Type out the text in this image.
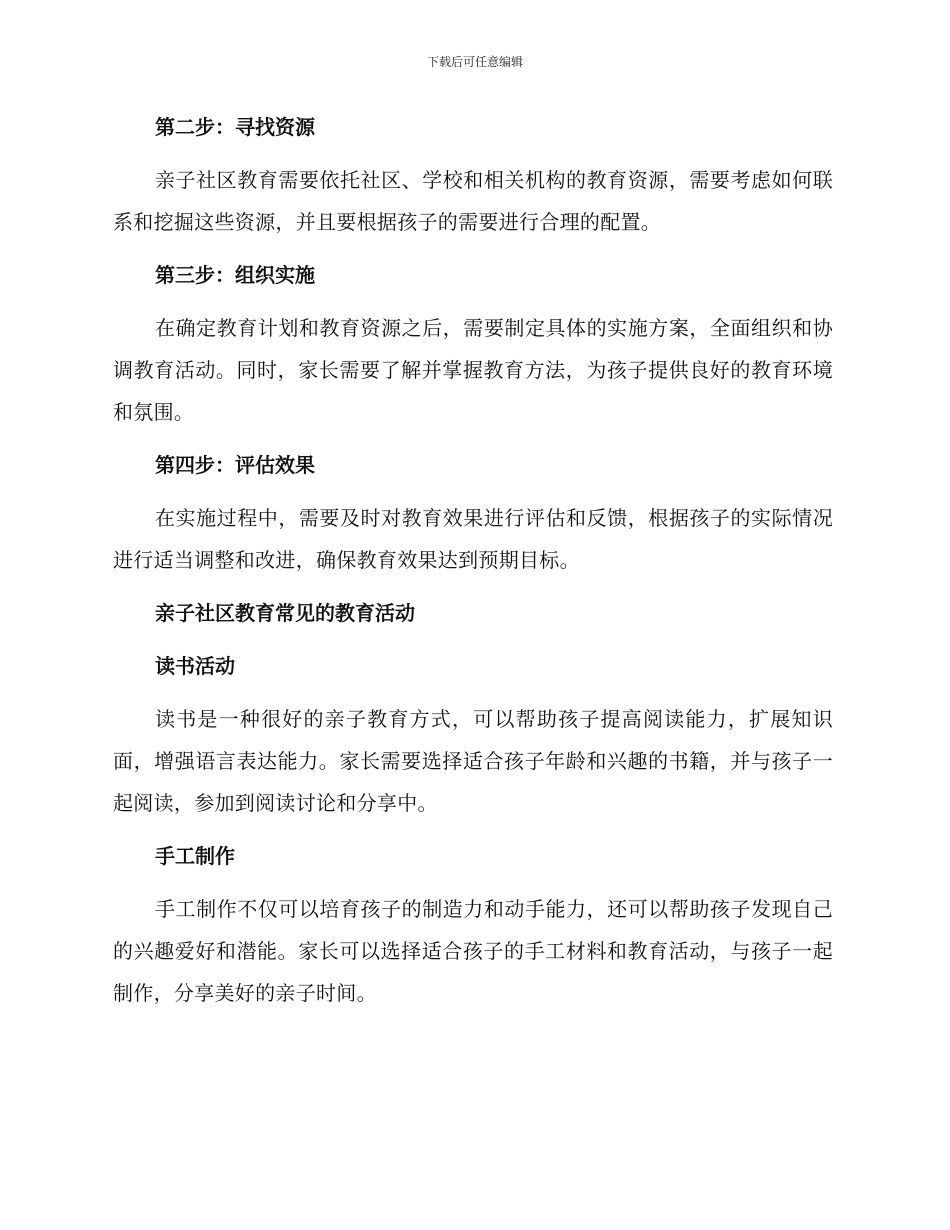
下载后可任意编辑
第二步：寻找资源

亲子社区教育需要依托社区、学校和相关机构的教育资源，需要考虑如何联系和挖掘这些资源，并且要根据孩子的需要进行合理的配置。

第三步：组织实施

在确定教育计划和教育资源之后，需要制定具体的实施方案，全面组织和协调教育活动。同时，家长需要了解并掌握教育方法，为孩子提供良好的教育环境和氛围。

第四步：评估效果

在实施过程中，需要及时对教育效果进行评估和反馈，根据孩子的实际情况进行适当调整和改进，确保教育效果达到预期目标。

亲子社区教育常见的教育活动
读书活动

读书是一种很好的亲子教育方式，可以帮助孩子提高阅读能力，扩展知识面，增强语言表达能力。家长需要选择适合孩子年龄和兴趣的书籍，并与孩子一起阅读，参加到阅读讨论和分享中。

手工制作

手工制作不仅可以培育孩子的制造力和动手能力，还可以帮助孩子发现自己的兴趣爱好和潜能。家长可以选择适合孩子的手工材料和教育活动，与孩子一起制作，分享美好的亲子时间。
